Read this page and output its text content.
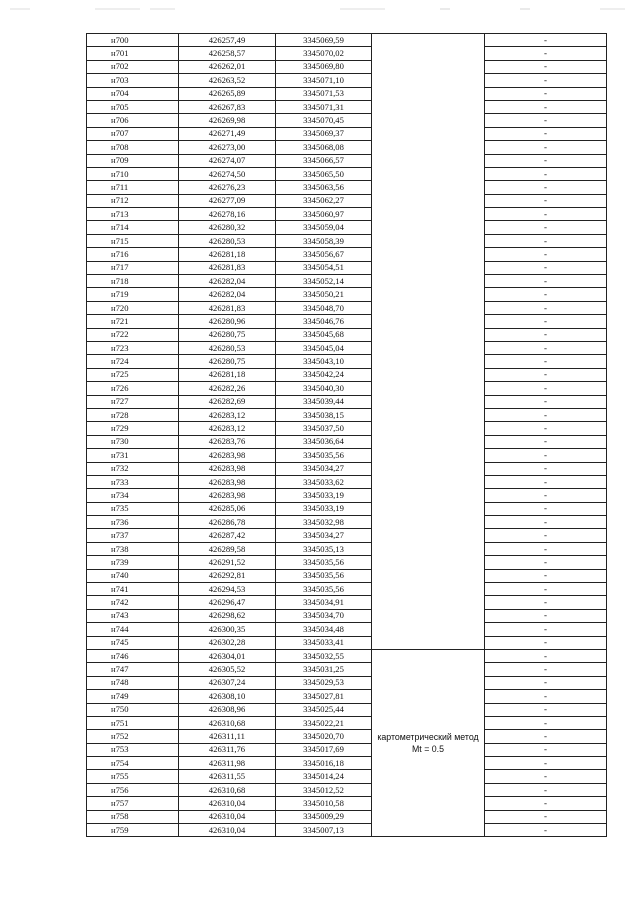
н700	426257,49	3345069,59		-
н701	426258,57	3345070,02		-
н702	426262,01	3345069,80		-
н703	426263,52	3345071,10		-
н704	426265,89	3345071,53		-
н705	426267,83	3345071,31		-
н706	426269,98	3345070,45		-
н707	426271,49	3345069,37		-
н708	426273,00	3345068,08		-
н709	426274,07	3345066,57		-
н710	426274,50	3345065,50		-
н711	426276,23	3345063,56		-
н712	426277,09	3345062,27		-
н713	426278,16	3345060,97		-
н714	426280,32	3345059,04		-
н715	426280,53	3345058,39		-
н716	426281,18	3345056,67		-
н717	426281,83	3345054,51		-
н718	426282,04	3345052,14		-
н719	426282,04	3345050,21		-
н720	426281,83	3345048,70		-
н721	426280,96	3345046,76		-
н722	426280,75	3345045,68		-
н723	426280,53	3345045,04		-
н724	426280,75	3345043,10		-
н725	426281,18	3345042,24		-
н726	426282,26	3345040,30		-
н727	426282,69	3345039,44		-
н728	426283,12	3345038,15		-
н729	426283,12	3345037,50		-
н730	426283,76	3345036,64		-
н731	426283,98	3345035,56		-
н732	426283,98	3345034,27		-
н733	426283,98	3345033,62		-
н734	426283,98	3345033,19		-
н735	426285,06	3345033,19		-
н736	426286,78	3345032,98		-
н737	426287,42	3345034,27		-
н738	426289,58	3345035,13		-
н739	426291,52	3345035,56		-
н740	426292,81	3345035,56		-
н741	426294,53	3345035,56		-
н742	426296,47	3345034,91		-
н743	426298,62	3345034,70		-
н744	426300,35	3345034,48		-
н745	426302,28	3345033,41		-
н746	426304,01	3345032,55	картометрический метод Mt = 0.5	-
н747	426305,52	3345031,25		-
н748	426307,24	3345029,53		-
н749	426308,10	3345027,81		-
н750	426308,96	3345025,44		-
н751	426310,68	3345022,21		-
н752	426311,11	3345020,70		-
н753	426311,76	3345017,69		-
н754	426311,98	3345016,18		-
н755	426311,55	3345014,24		-
н756	426310,68	3345012,52		-
н757	426310,04	3345010,58		-
н758	426310,04	3345009,29		-
н759	426310,04	3345007,13		-
